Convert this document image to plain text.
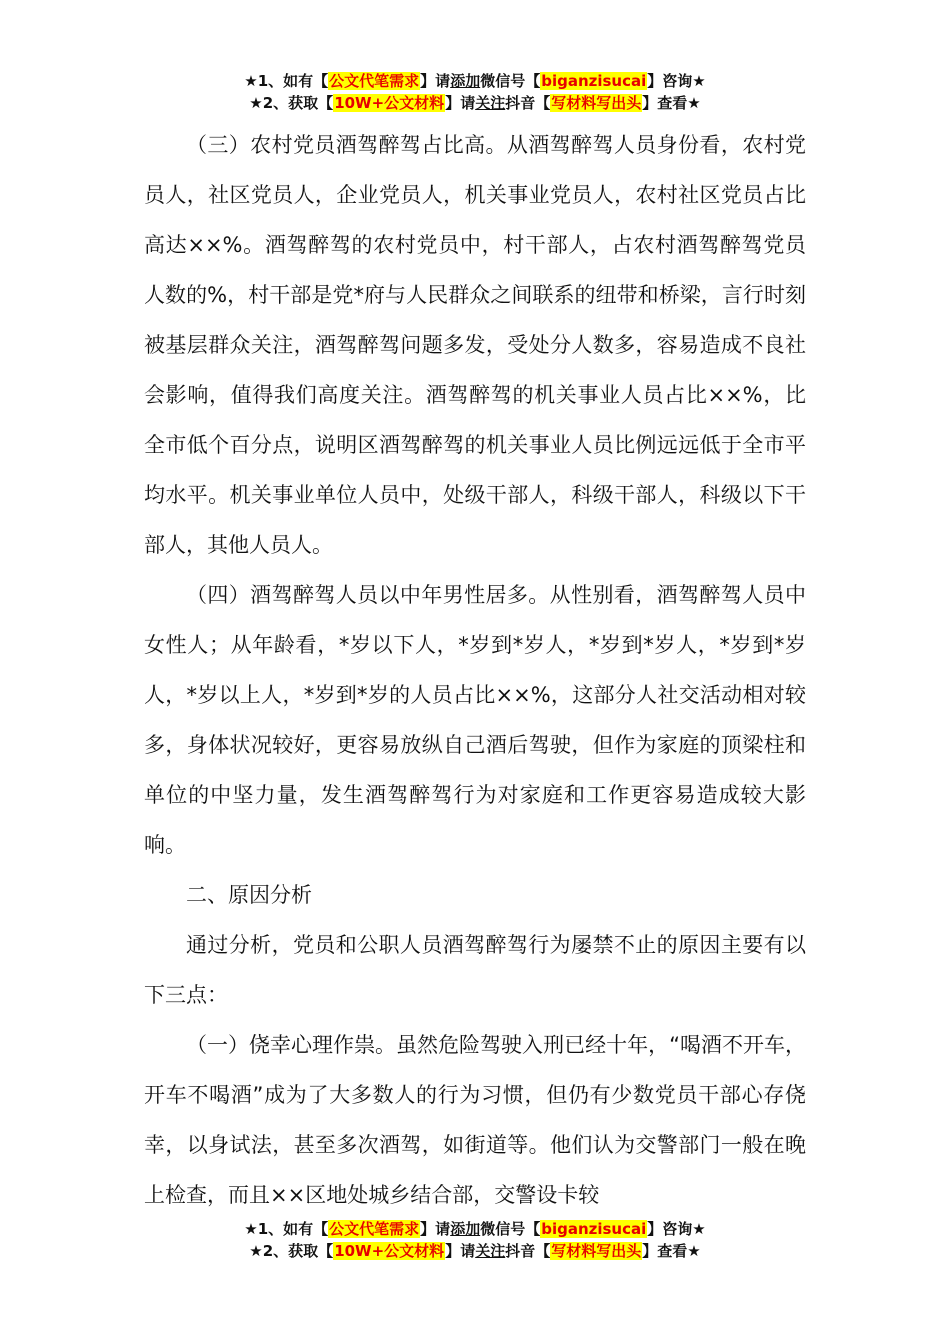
★1、如有【公文代笔需求】请添加微信号【biganzisucai】咨询★
★2、获取【10W+公文材料】请关注抖音【写材料写出头】查看★

（三）农村党员酒驾醉驾占比高。从酒驾醉驾人员身份看，农村党员人，社区党员人，企业党员人，机关事业党员人，农村社区党员占比高达××%。酒驾醉驾的农村党员中，村干部人，占农村酒驾醉驾党员人数的%，村干部是党*府与人民群众之间联系的纽带和桥梁，言行时刻被基层群众关注，酒驾醉驾问题多发，受处分人数多，容易造成不良社会影响，值得我们高度关注。酒驾醉驾的机关事业人员占比××%，比全市低个百分点，说明区酒驾醉驾的机关事业人员比例远远低于全市平均水平。机关事业单位人员中，处级干部人，科级干部人，科级以下干部人，其他人员人。

（四）酒驾醉驾人员以中年男性居多。从性别看，酒驾醉驾人员中女性人；从年龄看，*岁以下人，*岁到*岁人，*岁到*岁人，*岁到*岁人，*岁以上人，*岁到*岁的人员占比××%，这部分人社交活动相对较多，身体状况较好，更容易放纵自己酒后驾驶，但作为家庭的顶梁柱和单位的中坚力量，发生酒驾醉驾行为对家庭和工作更容易造成较大影响。

二、原因分析

通过分析，党员和公职人员酒驾醉驾行为屡禁不止的原因主要有以下三点：

（一）侥幸心理作祟。虽然危险驾驶入刑已经十年，“喝酒不开车，开车不喝酒”成为了大多数人的行为习惯，但仍有少数党员干部心存侥幸，以身试法，甚至多次酒驾，如街道等。他们认为交警部门一般在晚上检查，而且××区地处城乡结合部，交警设卡较

★1、如有【公文代笔需求】请添加微信号【biganzisucai】咨询★
★2、获取【10W+公文材料】请关注抖音【写材料写出头】查看★
